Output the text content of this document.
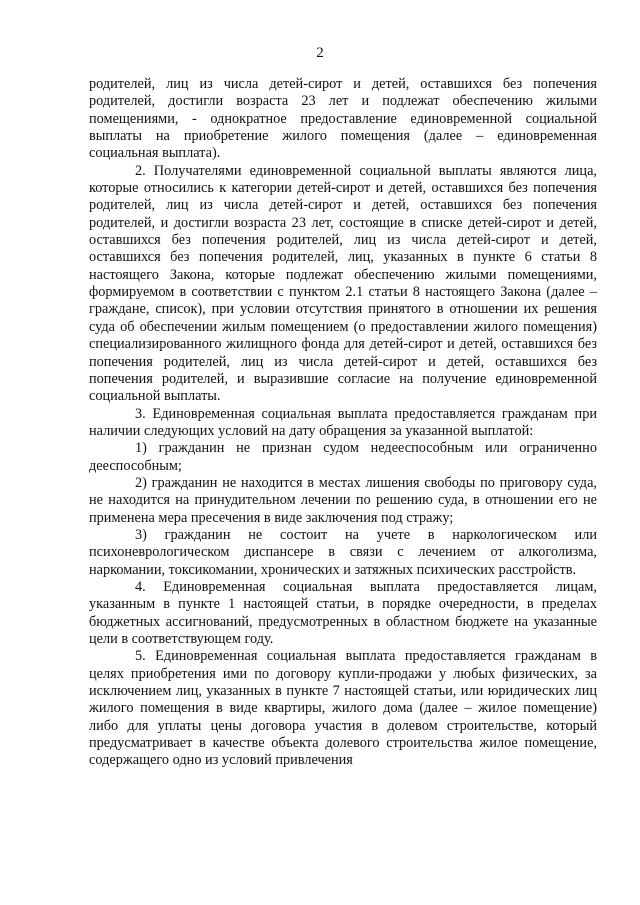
2

родителей, лиц из числа детей-сирот и детей, оставшихся без попечения родителей, достигли возраста 23 лет и подлежат обеспечению жилыми помещениями, - однократное предоставление единовременной социальной выплаты на приобретение жилого помещения (далее – единовременная социальная выплата).

2. Получателями единовременной социальной выплаты являются лица, которые относились к категории детей-сирот и детей, оставшихся без попечения родителей, лиц из числа детей-сирот и детей, оставшихся без попечения родителей, и достигли возраста 23 лет, состоящие в списке детей-сирот и детей, оставшихся без попечения родителей, лиц из числа детей-сирот и детей, оставшихся без попечения родителей, лиц, указанных в пункте 6 статьи 8 настоящего Закона, которые подлежат обеспечению жилыми помещениями, формируемом в соответствии с пунктом 2.1 статьи 8 настоящего Закона (далее – граждане, список), при условии отсутствия принятого в отношении их решения суда об обеспечении жилым помещением (о предоставлении жилого помещения) специализированного жилищного фонда для детей-сирот и детей, оставшихся без попечения родителей, лиц из числа детей-сирот и детей, оставшихся без попечения родителей, и выразившие согласие на получение единовременной социальной выплаты.

3. Единовременная социальная выплата предоставляется гражданам при наличии следующих условий на дату обращения за указанной выплатой:

1) гражданин не признан судом недееспособным или ограниченно дееспособным;

2) гражданин не находится в местах лишения свободы по приговору суда, не находится на принудительном лечении по решению суда, в отношении его не применена мера пресечения в виде заключения под стражу;

3) гражданин не состоит на учете в наркологическом или психоневрологическом диспансере в связи с лечением от алкоголизма, наркомании, токсикомании, хронических и затяжных психических расстройств.

4. Единовременная социальная выплата предоставляется лицам, указанным в пункте 1 настоящей статьи, в порядке очередности, в пределах бюджетных ассигнований, предусмотренных в областном бюджете на указанные цели в соответствующем году.

5. Единовременная социальная выплата предоставляется гражданам в целях приобретения ими по договору купли-продажи у любых физических, за исключением лиц, указанных в пункте 7 настоящей статьи, или юридических лиц жилого помещения в виде квартиры, жилого дома (далее – жилое помещение) либо для уплаты цены договора участия в долевом строительстве, который предусматривает в качестве объекта долевого строительства жилое помещение, содержащего одно из условий привлечения
